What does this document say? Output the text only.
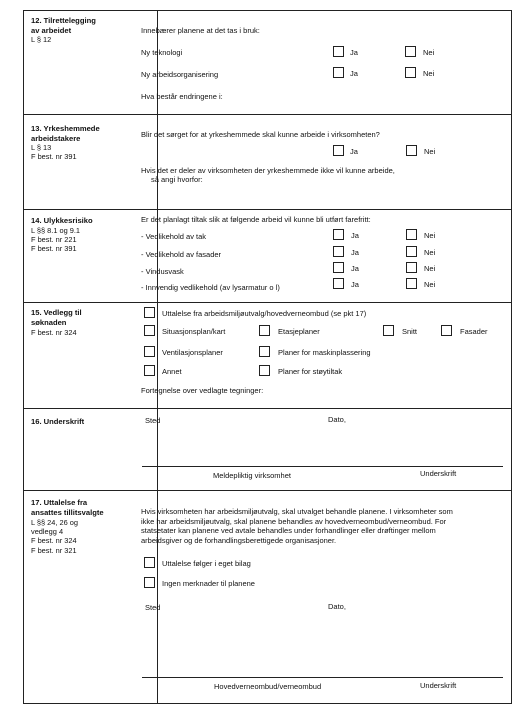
12. Tilrettelegging
av arbeidet
L § 12
Innebærer planene at det tas i bruk:
Ny teknologi	Ja	Nei
Ny arbeidsorganisering	Ja	Nei
Hva består endringene i:
13. Yrkeshemmede
arbeidstakere
L § 13
F best. nr 391
Blir det sørget for at yrkeshemmede skal kunne arbeide i virksomheten?
Ja	Nei
Hvis det er deler av virksomheten der yrkeshemmede ikke vil kunne arbeide,
så angi hvorfor:
14. Ulykkesrisiko
L §§ 8.1 og 9.1
F best. nr 221
F best. nr 391
Er det planlagt tiltak slik at følgende arbeid vil kunne bli utført farefritt:
- Vedlikehold av tak	Ja	Nei
- Vedlikehold av fasader	Ja	Nei
- Vindusvask	Ja	Nei
- Innvendig vedlikehold (av lysarmatur o l)	Ja	Nei
15. Vedlegg til
søknaden
F best. nr 324
Uttalelse fra arbeidsmiljøutvalg/hovedverneombud (se pkt 17)
Situasjonsplan/kart	Etasjeplaner	Snitt	Fasader
Ventilasjonsplaner	Planer for maskinplassering
Annet	Planer for støytiltak
Fortegnelse over vedlagte tegninger:
16. Underskrift	Sted	Dato,
Meldepliktig virksomhet	Underskrift
17. Uttalelse fra
ansattes tillitsvalgte
L §§ 24, 26 og
vedlegg 4
F best. nr 324
F best. nr 321
Hvis virksomheten har arbeidsmiljøutvalg, skal utvalget behandle planene. I virksomheter som
ikke har arbeidsmiljøutvalg, skal planene behandles av hovedverneombud/verneombud. For
statsetater kan planene ved avtale behandles under forhandlinger eller drøftinger mellom
arbeidsgiver og de forhandlingsberettigede organisasjoner.
Uttalelse følger i eget bilag
Ingen merknader til planene
Sted	Dato,
Hovedverneombud/verneombud	Underskrift
